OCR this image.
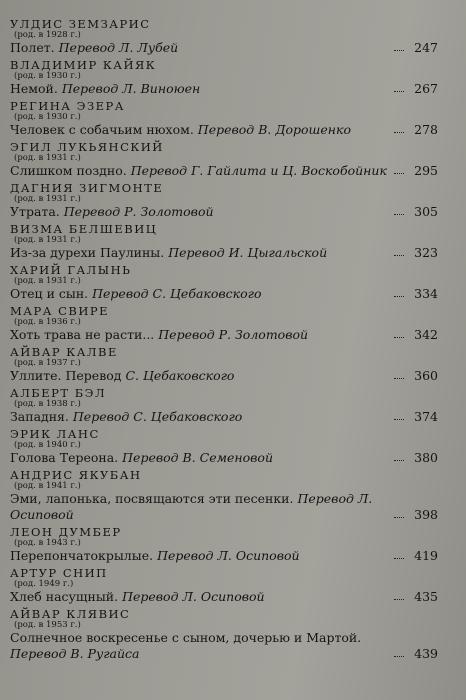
УЛДИС ЗЕМЗАРИС
(род. в 1928 г.)
Полет. Перевод Л. Лубей	247
ВЛАДИМИР КАЙЯК
(род. в 1930 г.)
Немой. Перевод Л. Виноюен	267
РЕГИНА ЭЗЕРА
(род. в 1930 г.)
Человек с собачьим нюхом. Перевод В. Дорошенко	278
ЭГИЛ ЛУКЬЯНСКИЙ
(род. в 1931 г.)
Слишком поздно. Перевод Г. Гайлита и Ц. Воскобойник 295
ДАГНИЯ ЗИГМОНТЕ
(род. в 1931 г.)
Утрата. Перевод Р. Золотовой	305
ВИЗМА БЕЛШЕВИЦ
(род. в 1931 г.)
Из-за дурехи Паулины. Перевод И. Цыгальской	323
ХАРИЙ ГАЛЫНЬ
(род. в 1931 г.)
Отец и сын. Перевод С. Цебаковского	334
МАРА СВИРЕ
(род. в 1936 г.)
Хоть трава не расти... Перевод Р. Золотовой	342
АЙВАР КАЛВЕ
(род. в 1937 г.)
Уллите. Перевод С. Цебаковского	360
АЛБЕРТ БЭЛ
(род. в 1938 г.)
Западня. Перевод С. Цебаковского	374
ЭРИК ЛАНС
(род. в 1940 г.)
Голова Тереона. Перевод В. Семеновой	380
АНДРИС ЯКУБАН
(род. в 1941 г.)
Эми, лапонька, посвящаются эти песенки. Перевод Л. Осиповой	398
ЛЕОН ДУМБЕР
(род. в 1943 г.)
Перепончатокрылые. Перевод Л. Осиповой	419
АРТУР СНИП
(род. 1949 г.)
Хлеб насущный. Перевод Л. Осиповой	435
АЙВАР КЛЯВИС
(род. в 1953 г.)
Солнечное воскресенье с сыном, дочерью и Мартой. Перевод В. Ругайса	439
